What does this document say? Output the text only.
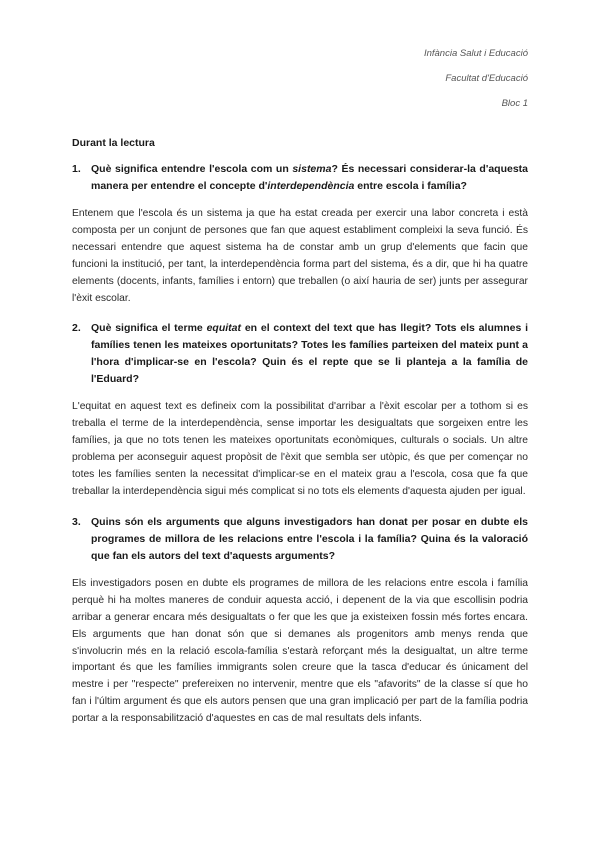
Infància Salut i Educació
Facultat d'Educació
Bloc 1
Durant la lectura
1. Què significa entendre l'escola com un sistema? És necessari considerar-la d'aquesta manera per entendre el concepte d'interdependència entre escola i família?

Entenem que l'escola és un sistema ja que ha estat creada per exercir una labor concreta i està composta per un conjunt de persones que fan que aquest establiment compleixi la seva funció. És necessari entendre que aquest sistema ha de constar amb un grup d'elements que facin que funcioni la institució, per tant, la interdependència forma part del sistema, és a dir, que hi ha quatre elements (docents, infants, famílies i entorn) que treballen (o així hauria de ser) junts per assegurar l'èxit escolar.

2. Què significa el terme equitat en el context del text que has llegit? Tots els alumnes i famílies tenen les mateixes oportunitats? Totes les famílies parteixen del mateix punt a l'hora d'implicar-se en l'escola? Quin és el repte que se li planteja a la família de l'Eduard?

L'equitat en aquest text es defineix com la possibilitat d'arribar a l'èxit escolar per a tothom si es treballa el terme de la interdependència, sense importar les desigualtats que sorgeixen entre les famílies, ja que no tots tenen les mateixes oportunitats econòmiques, culturals o socials. Un altre problema per aconseguir aquest propòsit de l'èxit que sembla ser utòpic, és que per començar no totes les famílies senten la necessitat d'implicar-se en el mateix grau a l'escola, cosa que fa que treballar la interdependència sigui més complicat si no tots els elements d'aquesta ajuden per igual.

3. Quins són els arguments que alguns investigadors han donat per posar en dubte els programes de millora de les relacions entre l'escola i la família? Quina és la valoració que fan els autors del text d'aquests arguments?

Els investigadors posen en dubte els programes de millora de les relacions entre escola i família perquè hi ha moltes maneres de conduir aquesta acció, i depenent de la via que escollisin podria arribar a generar encara més desigualtats o fer que les que ja existeixen fossin més fortes encara. Els arguments que han donat són que si demanes als progenitors amb menys renda que s'involucrin més en la relació escola-família s'estarà reforçant més la desigualtat, un altre terme important és que les famílies immigrants solen creure que la tasca d'educar és únicament del mestre i per "respecte" prefereixen no intervenir, mentre que els "afavorits" de la classe sí que ho fan i l'últim argument és que els autors pensen que una gran implicació per part de la família podria portar a la responsabilització d'aquestes en cas de mal resultats dels infants.
